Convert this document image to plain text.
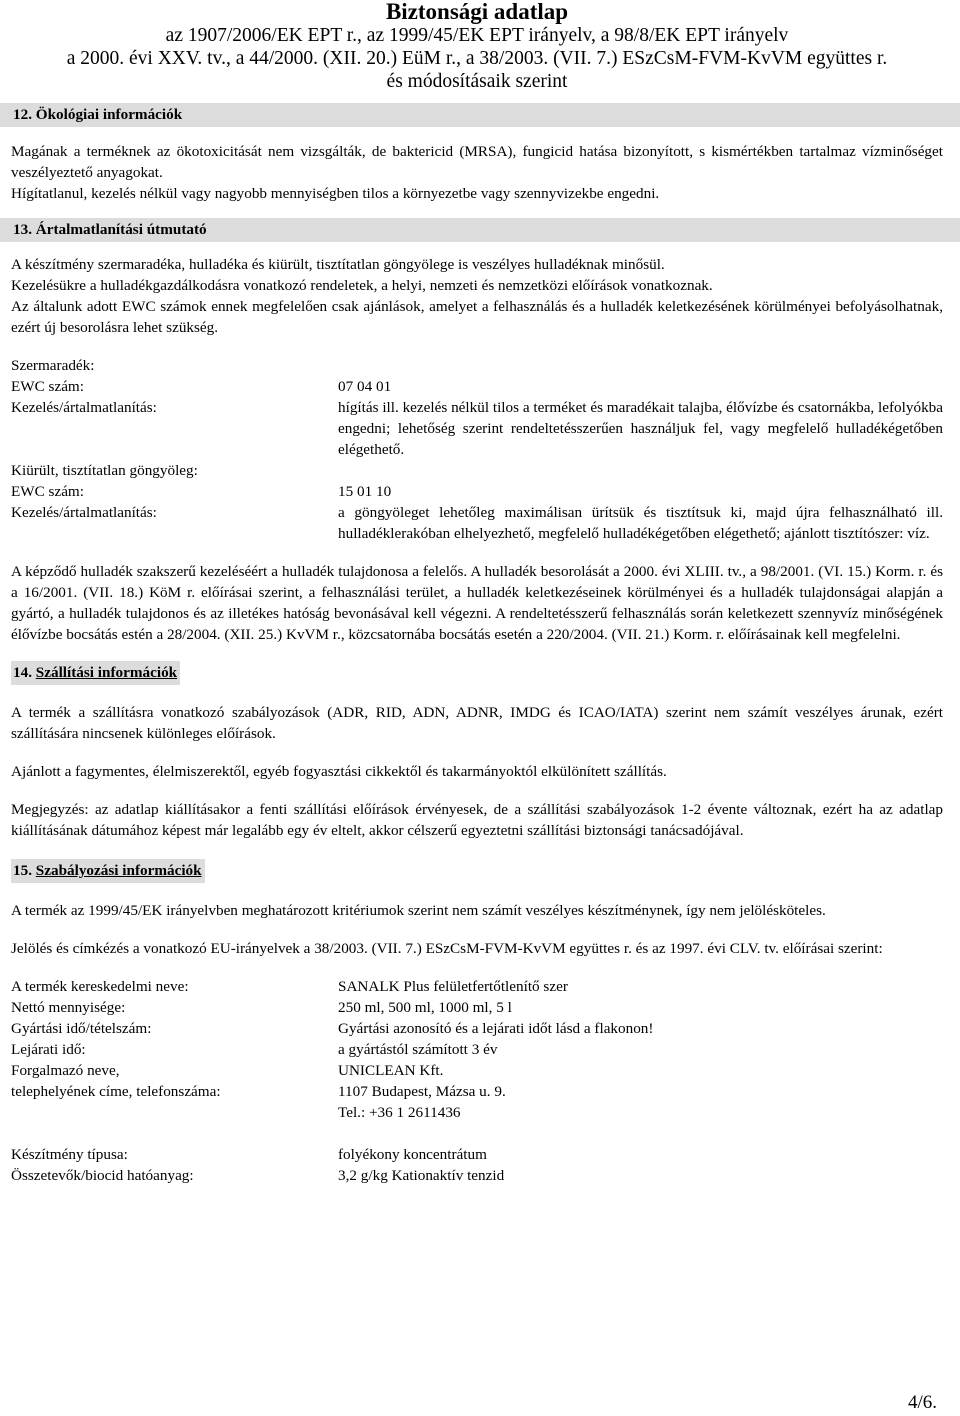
Biztonsági adatlap
az 1907/2006/EK EPT r., az 1999/45/EK EPT irányelv, a 98/8/EK EPT irányelv
a 2000. évi XXV. tv., a 44/2000. (XII. 20.) EüM r., a 38/2003. (VII. 7.) ESzCsM-FVM-KvVM együttes r.
és módosításaik szerint
12. Ökológiai információk

Magának a terméknek az ökotoxicitását nem vizsgálták, de baktericid (MRSA), fungicid hatása bizonyított, s kismértékben tartalmaz vízminőséget veszélyeztető anyagokat.

Hígítatlanul, kezelés nélkül vagy nagyobb mennyiségben tilos a környezetbe vagy szennyvizekbe engedni.

13. Ártalmatlanítási útmutató

A készítmény szermaradéka, hulladéka és kiürült, tisztítatlan göngyölege is veszélyes hulladéknak minősül.

Kezelésükre a hulladékgazdálkodásra vonatkozó rendeletek, a helyi, nemzeti és nemzetközi előírások vonatkoznak.

Az általunk adott EWC számok ennek megfelelően csak ajánlások, amelyet a felhasználás és a hulladék keletkezésének körülményei befolyásolhatnak, ezért új besorolásra lehet szükség.

Szermaradék:
EWC szám:	07 04 01
Kezelés/ártalmatlanítás:	hígítás ill. kezelés nélkül tilos a terméket és maradékait talajba, élővízbe és csatornákba, lefolyókba engedni; lehetőség szerint rendeltetésszerűen használjuk fel, vagy megfelelő hulladékégetőben elégethető.
Kiürült, tisztítatlan göngyöleg:
EWC szám:	15 01 10
Kezelés/ártalmatlanítás:	a göngyöleget lehetőleg maximálisan ürítsük és tisztítsuk ki, majd újra felhasználható ill. hulladéklerakóban elhelyezhető, megfelelő hulladékégetőben elégethető; ajánlott tisztítószer: víz.

A képződő hulladék szakszerű kezeléséért a hulladék tulajdonosa a felelős. A hulladék besorolását a 2000. évi XLIII. tv., a 98/2001. (VI. 15.) Korm. r. és a 16/2001. (VII. 18.) KöM r. előírásai szerint, a felhasználási terület, a hulladék keletkezéseinek körülményei és a hulladék tulajdonságai alapján a gyártó, a hulladék tulajdonos és az illetékes hatóság bevonásával kell végezni. A rendeltetésszerű felhasználás során keletkezett szennyvíz minőségének élővízbe bocsátás estén a 28/2004. (XII. 25.) KvVM r., közcsatornába bocsátás esetén a 220/2004. (VII. 21.) Korm. r. előírásainak kell megfelelni.

14. Szállítási információk

A termék a szállításra vonatkozó szabályozások (ADR, RID, ADN, ADNR, IMDG és ICAO/IATA) szerint nem számít veszélyes árunak, ezért szállítására nincsenek különleges előírások.

Ajánlott a fagymentes, élelmiszerektől, egyéb fogyasztási cikkektől és takarmányoktól elkülönített szállítás.

Megjegyzés: az adatlap kiállításakor a fenti szállítási előírások érvényesek, de a szállítási szabályozások 1-2 évente változnak, ezért ha az adatlap kiállításának dátumához képest már legalább egy év eltelt, akkor célszerű egyeztetni szállítási biztonsági tanácsadójával.

15. Szabályozási információk

A termék az 1999/45/EK irányelvben meghatározott kritériumok szerint nem számít veszélyes készítménynek, így nem jelölésköteles.

Jelölés és címkézés a vonatkozó EU-irányelvek a 38/2003. (VII. 7.) ESzCsM-FVM-KvVM együttes r. és az 1997. évi CLV. tv. előírásai szerint:

A termék kereskedelmi neve:	SANALK Plus felületfertőtlenítő szer
Nettó mennyisége:	250 ml, 500 ml, 1000 ml, 5 l
Gyártási idő/tételszám:	Gyártási azonosító és a lejárati időt lásd a flakonon!
Lejárati idő:	a gyártástól számított 3 év
Forgalmazó neve,	UNICLEAN Kft.
telephelyének címe, telefonszáma:	1107 Budapest, Mázsa u. 9.
Tel.: +36 1 2611436
Készítmény típusa:	folyékony koncentrátum
Összetevők/biocid hatóanyag:	3,2 g/kg Kationaktív tenzid
4/6.
